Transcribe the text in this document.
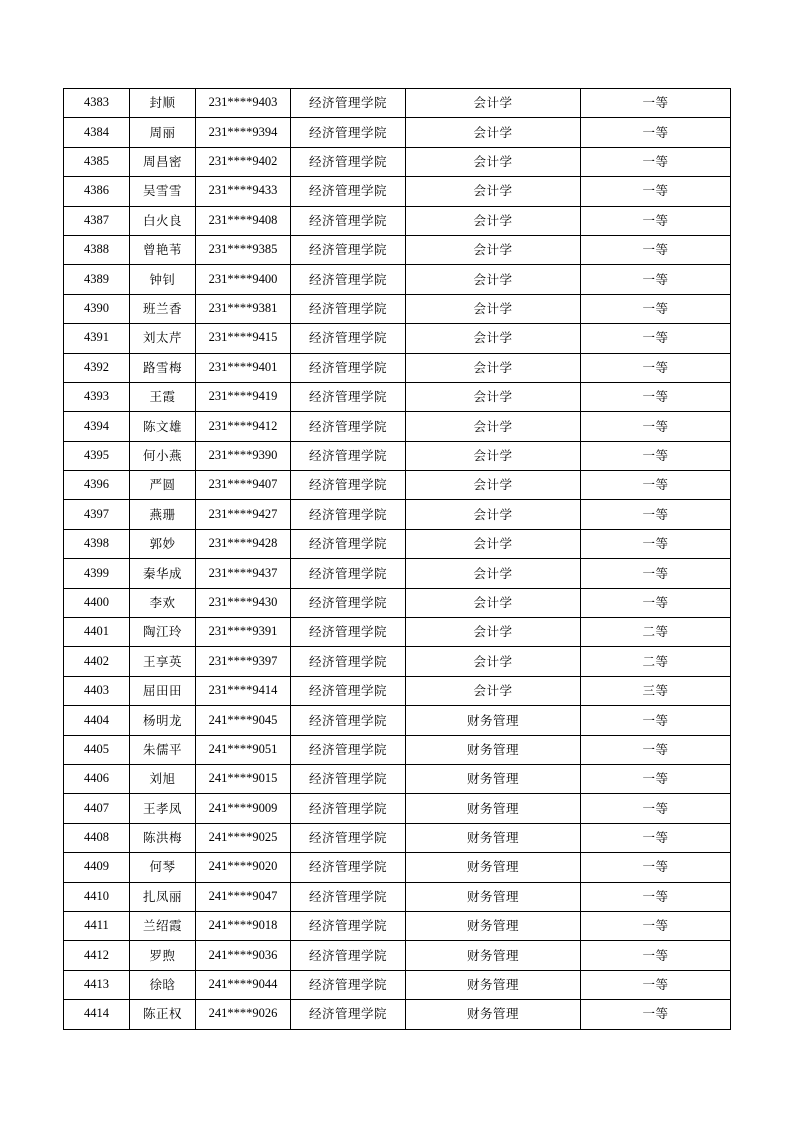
4383	封顺	231****9403	经济管理学院	会计学	一等
4384	周丽	231****9394	经济管理学院	会计学	一等
4385	周昌密	231****9402	经济管理学院	会计学	一等
4386	吴雪雪	231****9433	经济管理学院	会计学	一等
4387	白火良	231****9408	经济管理学院	会计学	一等
4388	曾艳苇	231****9385	经济管理学院	会计学	一等
4389	钟钊	231****9400	经济管理学院	会计学	一等
4390	班兰香	231****9381	经济管理学院	会计学	一等
4391	刘太芹	231****9415	经济管理学院	会计学	一等
4392	路雪梅	231****9401	经济管理学院	会计学	一等
4393	王霞	231****9419	经济管理学院	会计学	一等
4394	陈文雄	231****9412	经济管理学院	会计学	一等
4395	何小燕	231****9390	经济管理学院	会计学	一等
4396	严圆	231****9407	经济管理学院	会计学	一等
4397	燕珊	231****9427	经济管理学院	会计学	一等
4398	郭妙	231****9428	经济管理学院	会计学	一等
4399	秦华成	231****9437	经济管理学院	会计学	一等
4400	李欢	231****9430	经济管理学院	会计学	一等
4401	陶江玲	231****9391	经济管理学院	会计学	二等
4402	王享英	231****9397	经济管理学院	会计学	二等
4403	屈田田	231****9414	经济管理学院	会计学	三等
4404	杨明龙	241****9045	经济管理学院	财务管理	一等
4405	朱儒平	241****9051	经济管理学院	财务管理	一等
4406	刘旭	241****9015	经济管理学院	财务管理	一等
4407	王孝凤	241****9009	经济管理学院	财务管理	一等
4408	陈洪梅	241****9025	经济管理学院	财务管理	一等
4409	何琴	241****9020	经济管理学院	财务管理	一等
4410	扎凤丽	241****9047	经济管理学院	财务管理	一等
4411	兰绍霞	241****9018	经济管理学院	财务管理	一等
4412	罗煦	241****9036	经济管理学院	财务管理	一等
4413	徐晗	241****9044	经济管理学院	财务管理	一等
4414	陈正权	241****9026	经济管理学院	财务管理	一等
